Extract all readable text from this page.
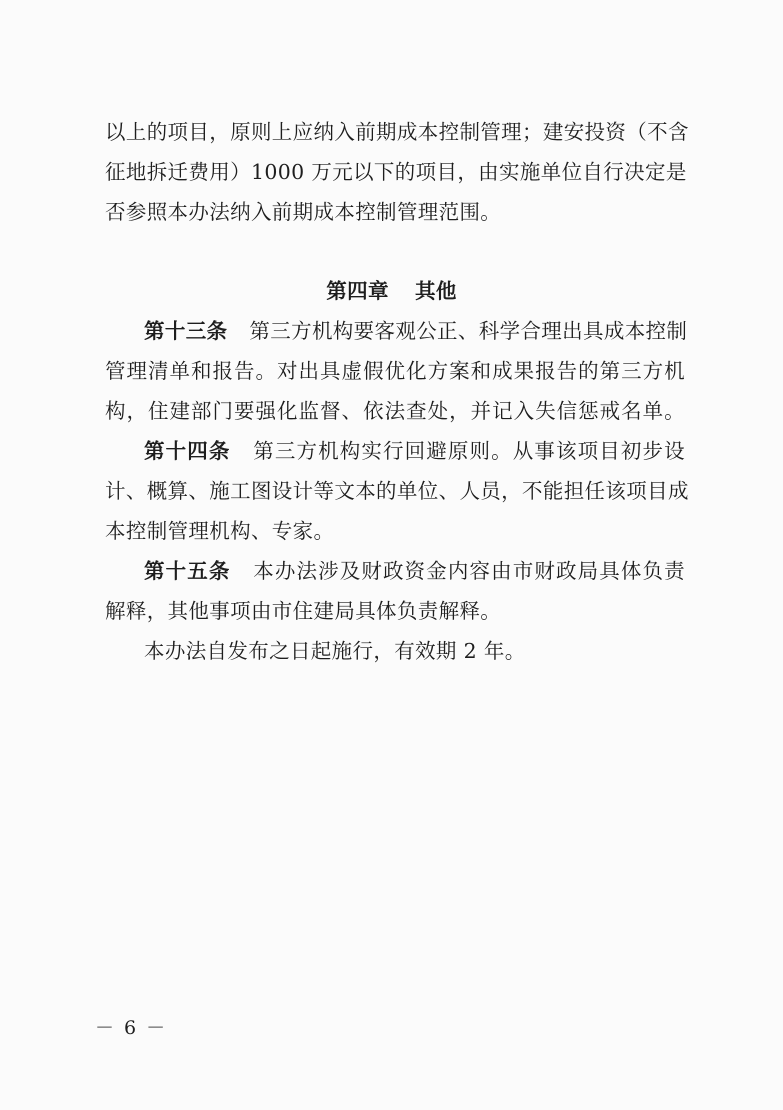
以上的项目，原则上应纳入前期成本控制管理；建安投资（不含
征地拆迁费用）1000 万元以下的项目，由实施单位自行决定是
否参照本办法纳入前期成本控制管理范围。
第四章 其他
第十三条 第三方机构要客观公正、科学合理出具成本控制
管理清单和报告。对出具虚假优化方案和成果报告的第三方机
构，住建部门要强化监督、依法查处，并记入失信惩戒名单。
第十四条 第三方机构实行回避原则。从事该项目初步设
计、概算、施工图设计等文本的单位、人员，不能担任该项目成
本控制管理机构、专家。
第十五条 本办法涉及财政资金内容由市财政局具体负责
解释，其他事项由市住建局具体负责解释。
本办法自发布之日起施行，有效期 2 年。
－ 6 －
